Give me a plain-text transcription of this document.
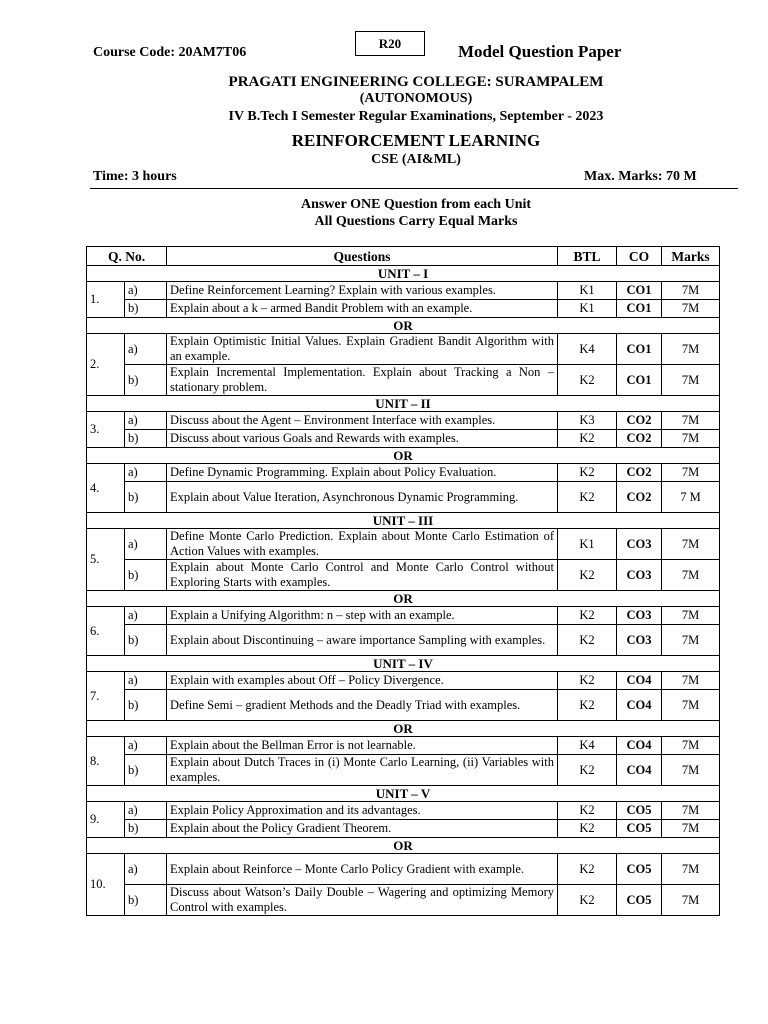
Course Code: 20AM7T06
R20	Model Question Paper
PRAGATI ENGINEERING COLLEGE: SURAMPALEM
(AUTONOMOUS)
IV B.Tech I Semester Regular Examinations, September - 2023
REINFORCEMENT LEARNING
CSE (AI&ML)
Time: 3 hours	Max. Marks: 70 M
Answer ONE Question from each Unit
All Questions Carry Equal Marks
Q. No.		Questions	BTL	CO	Marks
UNIT – I					
1.	a)	Define Reinforcement Learning? Explain with various examples.	K1	CO1	7M
	b)	Explain about a k – armed Bandit Problem with an example.	K1	CO1	7M
OR					
2.	a)	Explain Optimistic Initial Values. Explain Gradient Bandit Algorithm with an example.	K4	CO1	7M
	b)	Explain Incremental Implementation. Explain about Tracking a Non – stationary problem.	K2	CO1	7M
UNIT – II					
3.	a)	Discuss about the Agent – Environment Interface with examples.	K3	CO2	7M
	b)	Discuss about various Goals and Rewards with examples.	K2	CO2	7M
OR					
4.	a)	Define Dynamic Programming. Explain about Policy Evaluation.	K2	CO2	7M
	b)	Explain about Value Iteration, Asynchronous Dynamic Programming.	K2	CO2	7 M
UNIT – III					
5.	a)	Define Monte Carlo Prediction. Explain about Monte Carlo Estimation of Action Values with examples.	K1	CO3	7M
	b)	Explain about Monte Carlo Control and Monte Carlo Control without Exploring Starts with examples.	K2	CO3	7M
OR					
6.	a)	Explain a Unifying Algorithm: n – step with an example.	K2	CO3	7M
	b)	Explain about Discontinuing – aware importance Sampling with examples.	K2	CO3	7M
UNIT – IV					
7.	a)	Explain with examples about Off – Policy Divergence.	K2	CO4	7M
	b)	Define Semi – gradient Methods and the Deadly Triad with examples.	K2	CO4	7M
OR					
8.	a)	Explain about the Bellman Error is not learnable.	K4	CO4	7M
	b)	Explain about Dutch Traces in (i) Monte Carlo Learning, (ii) Variables with examples.	K2	CO4	7M
UNIT – V					
9.	a)	Explain Policy Approximation and its advantages.	K2	CO5	7M
	b)	Explain about the Policy Gradient Theorem.	K2	CO5	7M
OR					
10.	a)	Explain about Reinforce – Monte Carlo Policy Gradient with example.	K2	CO5	7M
	b)	Discuss about Watson’s Daily Double – Wagering and optimizing Memory Control with examples.	K2	CO5	7M
